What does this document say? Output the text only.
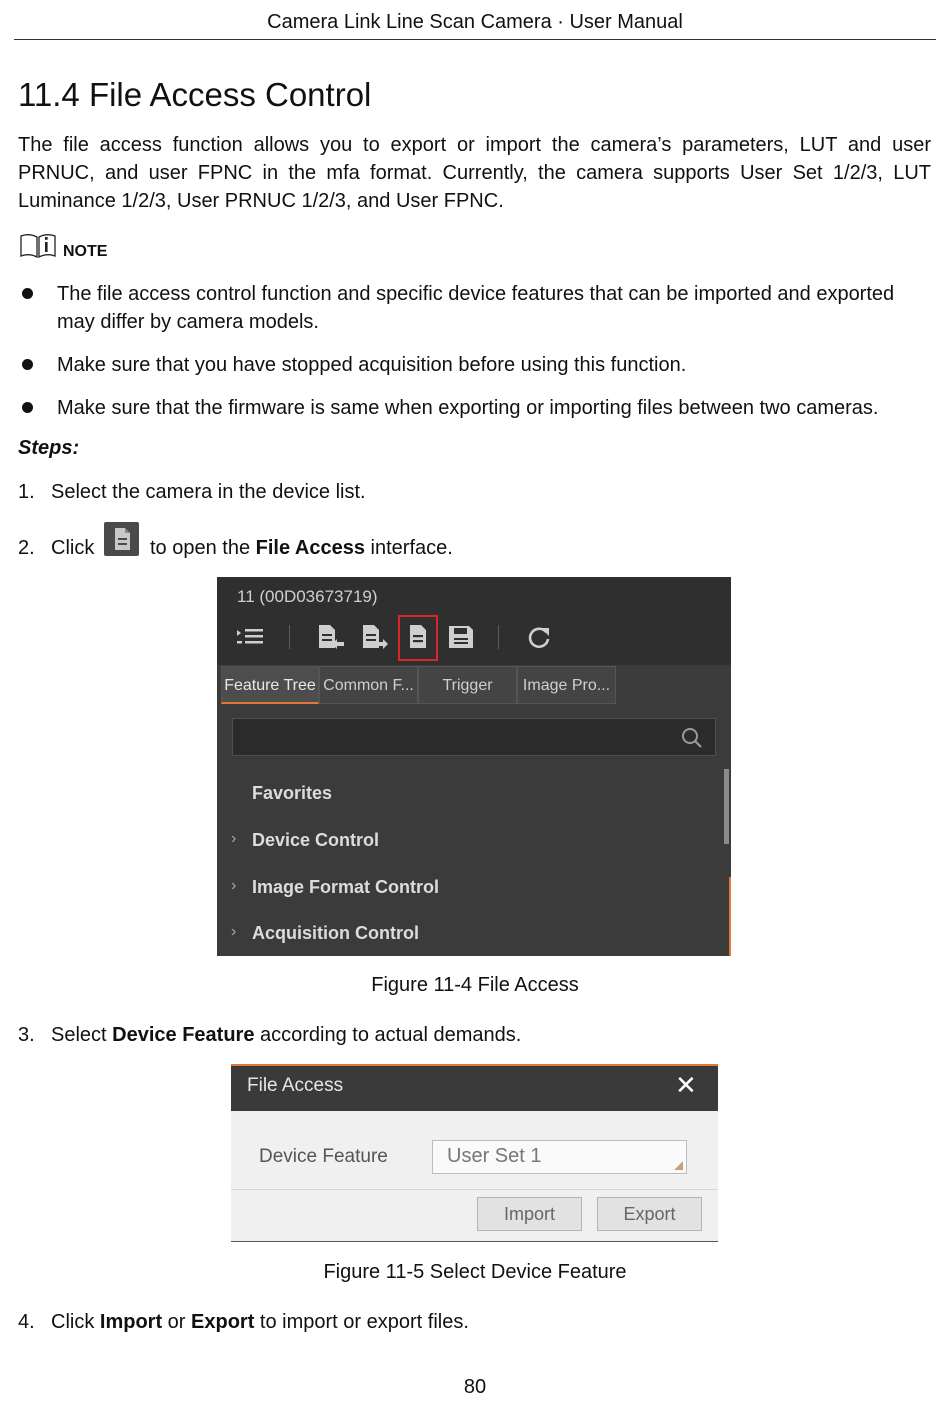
Camera Link Line Scan Camera · User Manual
11.4 File Access Control

The file access function allows you to export or import the camera’s parameters, LUT and user PRNUC, and user FPNC in the mfa format. Currently, the camera supports User Set 1/2/3, LUT Luminance 1/2/3, User PRNUC 1/2/3, and User FPNC.

NOTE
The file access control function and specific device features that can be imported and exported may differ by camera models.
Make sure that you have stopped acquisition before using this function.
Make sure that the firmware is same when exporting or importing files between two cameras.
Steps:
1. Select the camera in the device list.
2. Click	to open the File Access interface.
11 (00D03673719)
Feature Tree Common F...	Trigger	Image Pro...
Favorites
› Device Control
› Image Format Control
› Acquisition Control
Figure 11-4 File Access
3. Select Device Feature according to actual demands.
File Access	✕
Device Feature	User Set 1
Import	Export
Figure 11-5 Select Device Feature
4. Click Import or Export to import or export files.
80
